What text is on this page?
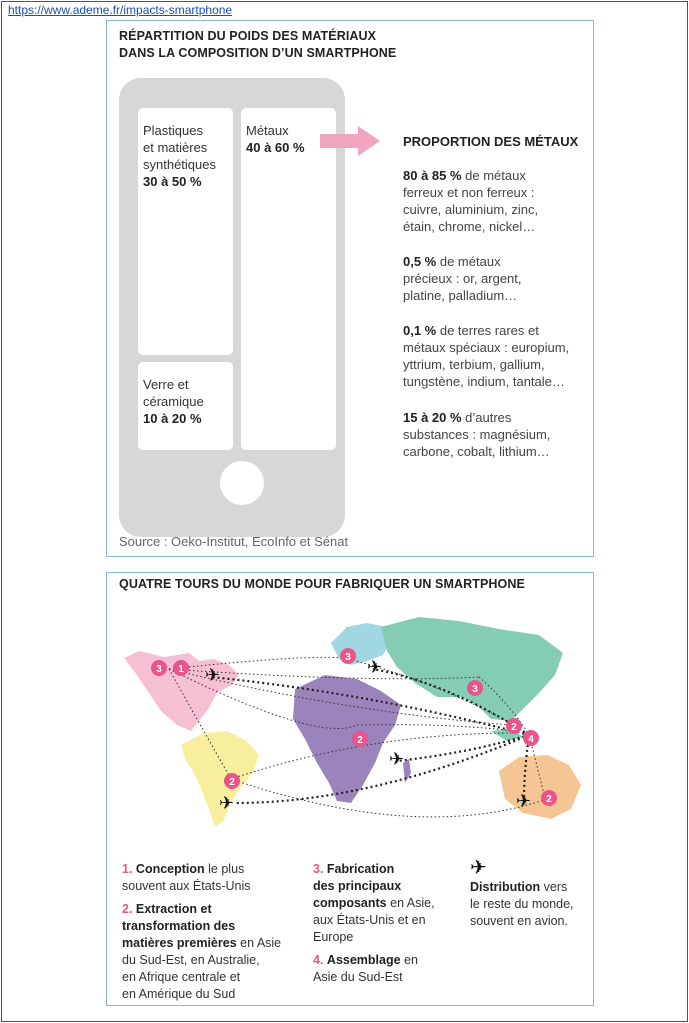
https://www.ademe.fr/impacts-smartphone
RÉPARTITION DU POIDS DES MATÉRIAUX
DANS LA COMPOSITION D’UN SMARTPHONE
Plastiques
et matières
synthétiques
30 à 50 %
Métaux
40 à 60 %
Verre et
céramique
10 à 20 %
PROPORTION DES MÉTAUX
80 à 85 % de métaux
ferreux et non ferreux :
cuivre, aluminium, zinc,
étain, chrome, nickel…
0,5 % de métaux
précieux : or, argent,
platine, palladium…
0,1 % de terres rares et
métaux spéciaux : europium,
yttrium, terbium, gallium,
tungstène, indium, tantale…
15 à 20 % d’autres
substances : magnésium,
carbone, cobalt, lithium…
Source : Oeko-Institut, EcoInfo et Sénat
QUATRE TOURS DU MONDE POUR FABRIQUER UN SMARTPHONE
✈	✈
✈
✈	✈
3 1
3
3
2
2
2
4
2
1. Conception le plus
souvent aux États-Unis
2. Extraction et
transformation des
matières premières en Asie
du Sud-Est, en Australie,
en Afrique centrale et
en Amérique du Sud
3. Fabrication
des principaux
composants en Asie,
aux États-Unis et en
Europe
4. Assemblage en
Asie du Sud-Est
✈
Distribution vers
le reste du monde,
souvent en avion.
